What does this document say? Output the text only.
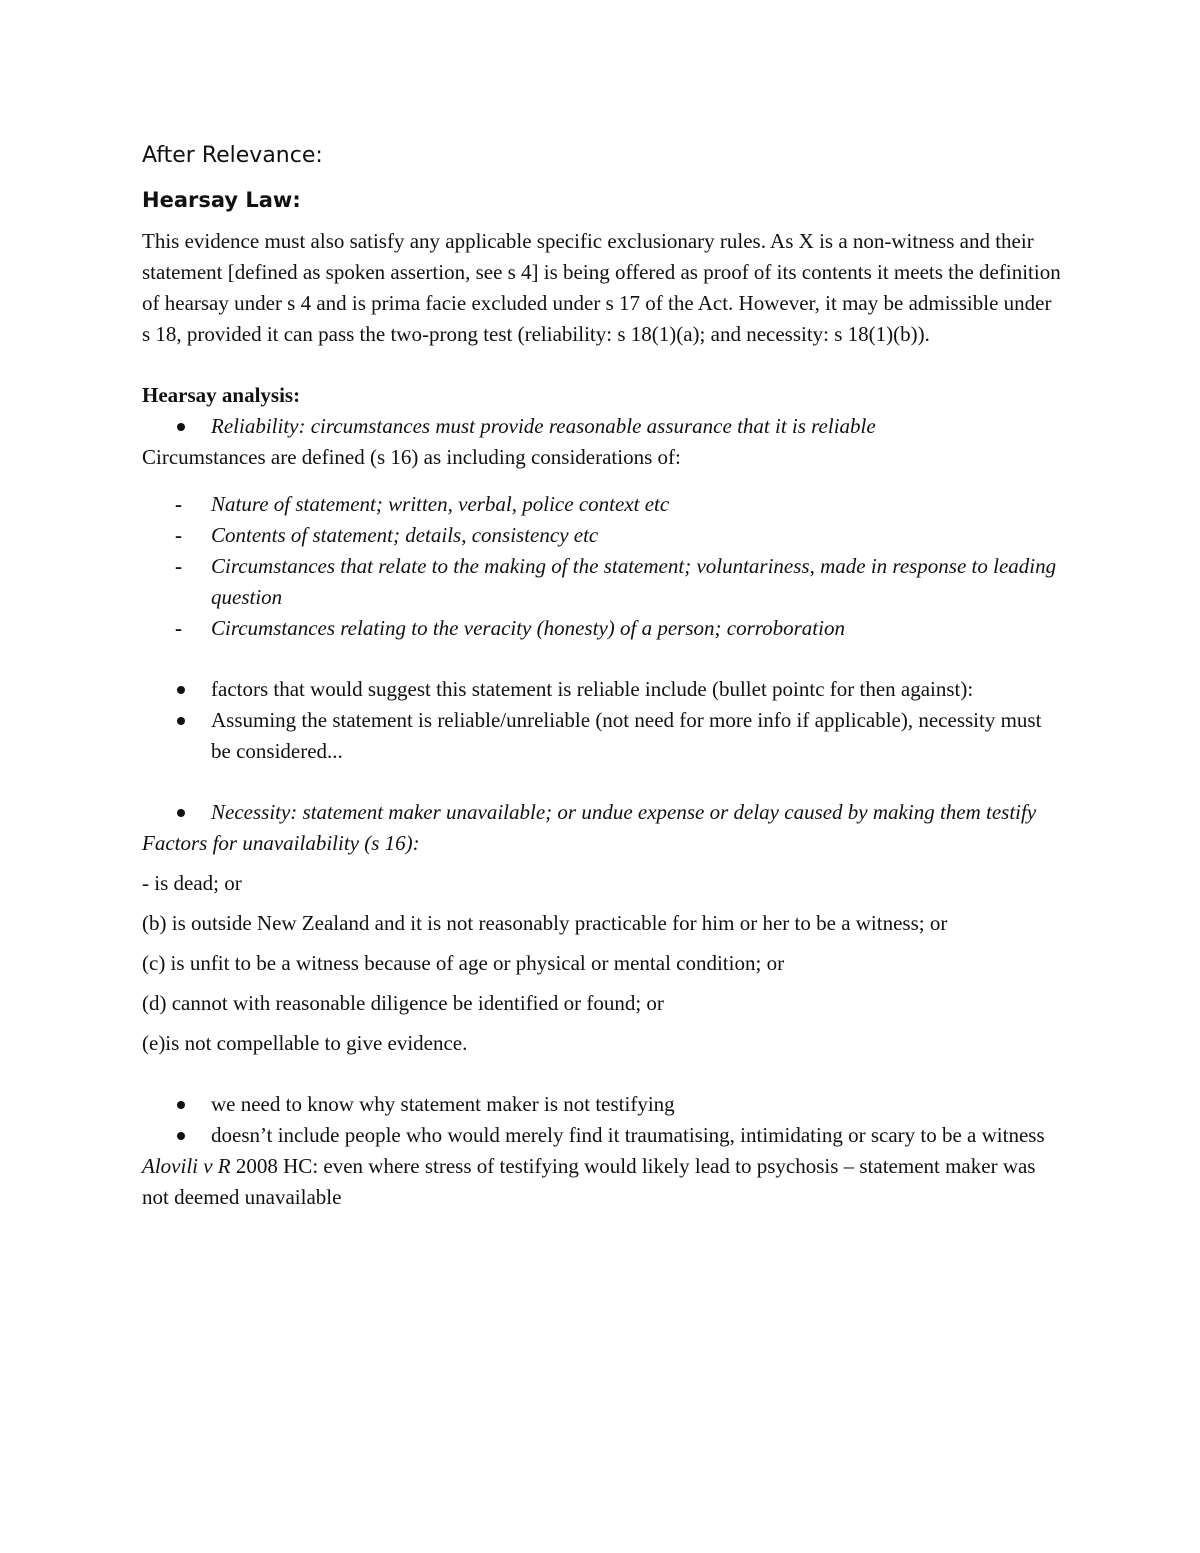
After Relevance:
Hearsay Law:

This evidence must also satisfy any applicable specific exclusionary rules. As X is a non-witness and their statement [defined as spoken assertion, see s 4] is being offered as proof of its contents it meets the definition of hearsay under s 4 and is prima facie excluded under s 17 of the Act. However, it may be admissible under s 18, provided it can pass the two-prong test (reliability: s 18(1)(a); and necessity: s 18(1)(b)).

Hearsay analysis:
Reliability: circumstances must provide reasonable assurance that it is reliable

Circumstances are defined (s 16) as including considerations of:

- Nature of statement; written, verbal, police context etc
- Contents of statement; details, consistency etc
- Circumstances that relate to the making of the statement; voluntariness, made in response to leading question
- Circumstances relating to the veracity (honesty) of a person; corroboration
factors that would suggest this statement is reliable include (bullet pointc for then against):
Assuming the statement is reliable/unreliable (not need for more info if applicable), necessity must be considered...
Necessity: statement maker unavailable; or undue expense or delay caused by making them testify

Factors for unavailability (s 16):

- is dead; or

(b) is outside New Zealand and it is not reasonably practicable for him or her to be a witness; or

(c) is unfit to be a witness because of age or physical or mental condition; or

(d) cannot with reasonable diligence be identified or found; or

(e)is not compellable to give evidence.

we need to know why statement maker is not testifying
doesn’t include people who would merely find it traumatising, intimidating or scary to be a witness

Alovili v R 2008 HC: even where stress of testifying would likely lead to psychosis – statement maker was not deemed unavailable
